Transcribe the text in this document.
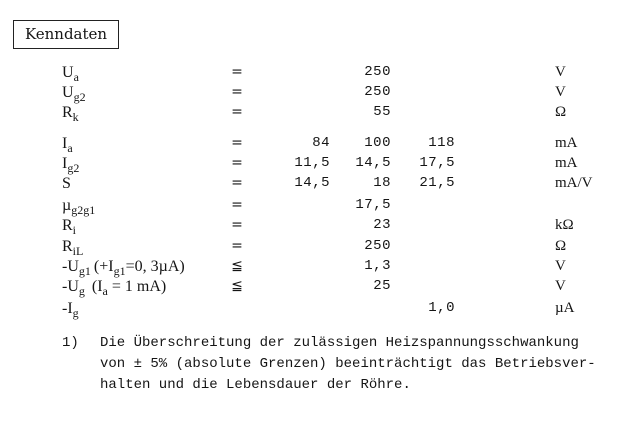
Kenndaten
$U_a$	=	250	V
$U_{g2}$	=	250	V
$R_k$	=	55	Ω
$I_a$	=	84	100	118	mA
$I_{g2}$	=	11,5	14,5	17,5	mA
S	=	14,5	18	21,5	mA/V
µ$_{g2g1}$	=	17,5
$R_i$	=	23	kΩ
$R_{iL}$	=	250	Ω
$-U_{g1}$ ($+I_{g1}=0$, 3µA)	≦	1,3	V
$-U_g$ ($I_a = 1$ mA)	≦	25	V
$-I_g$	1,0	µA
1) Die Überschreitung der zulässigen Heizspannungsschwankung
von ± 5% (absolute Grenzen) beeinträchtigt das Betriebsver-
halten und die Lebensdauer der Röhre.
